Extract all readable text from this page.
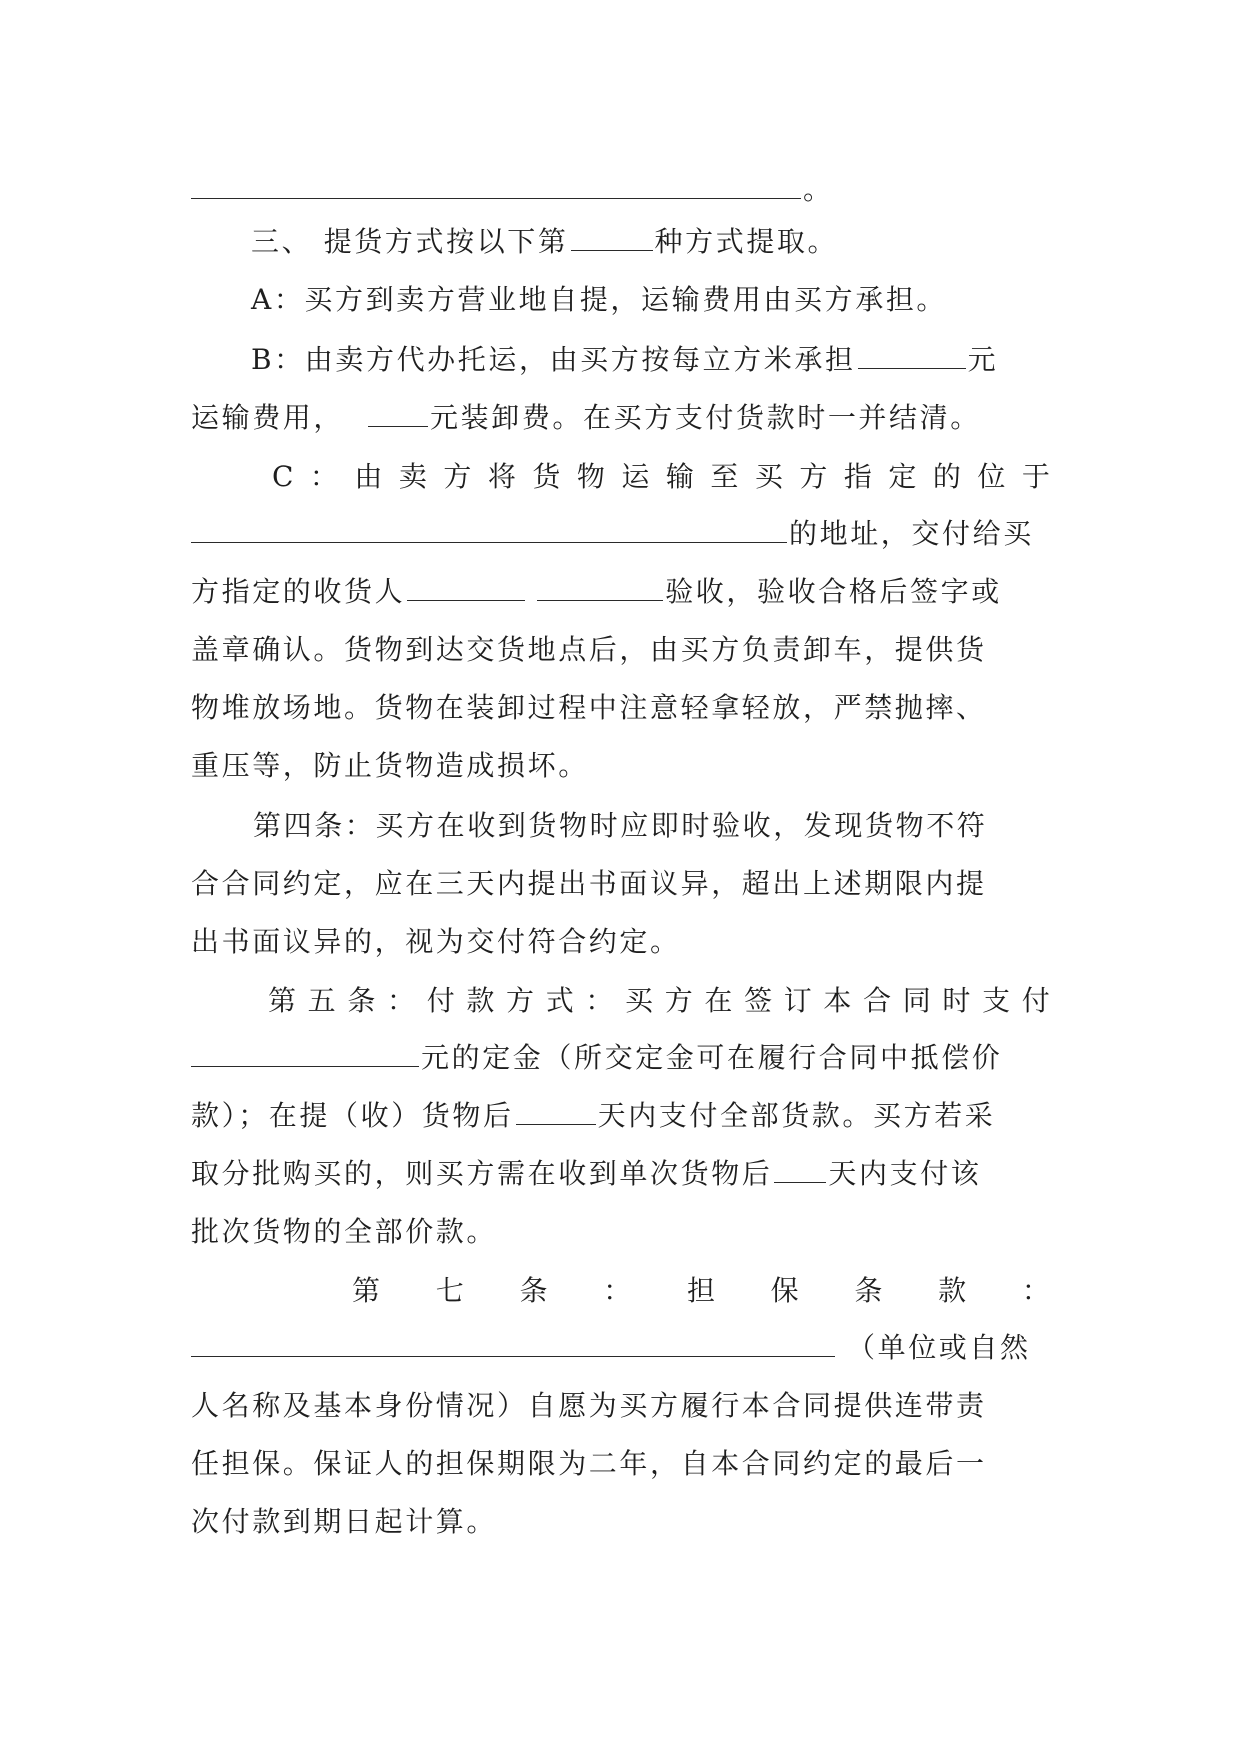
。
三、 提货方式按以下第	种方式提取。
A：买方到卖方营业地自提，运输费用由买方承担。
B：由卖方代办托运，由买方按每立方米承担	元
运输费用，	元装卸费。在买方支付货款时一并结清。
C ： 由 卖 方 将 货 物 运 输 至 买 方 指 定 的 位 于
的地址，交付给买
方指定的收货人	验收，验收合格后签字或
盖章确认。货物到达交货地点后，由买方负责卸车，提供货
物堆放场地。货物在装卸过程中注意轻拿轻放，严禁抛摔、
重压等，防止货物造成损坏。
第四条：买方在收到货物时应即时验收，发现货物不符
合合同约定，应在三天内提出书面议异，超出上述期限内提
出书面议异的，视为交付符合约定。
第 五 条 ： 付 款 方 式 ： 买 方 在 签 订 本 合 同 时 支 付
元的定金（所交定金可在履行合同中抵偿价
款）；在提（收）货物后	天内支付全部货款。买方若采
取分批购买的，则买方需在收到单次货物后 天内支付该
批次货物的全部价款。
第 七 条 ： 担 保 条 款 ：
（单位或自然
人名称及基本身份情况）自愿为买方履行本合同提供连带责
任担保。保证人的担保期限为二年，自本合同约定的最后一
次付款到期日起计算。
